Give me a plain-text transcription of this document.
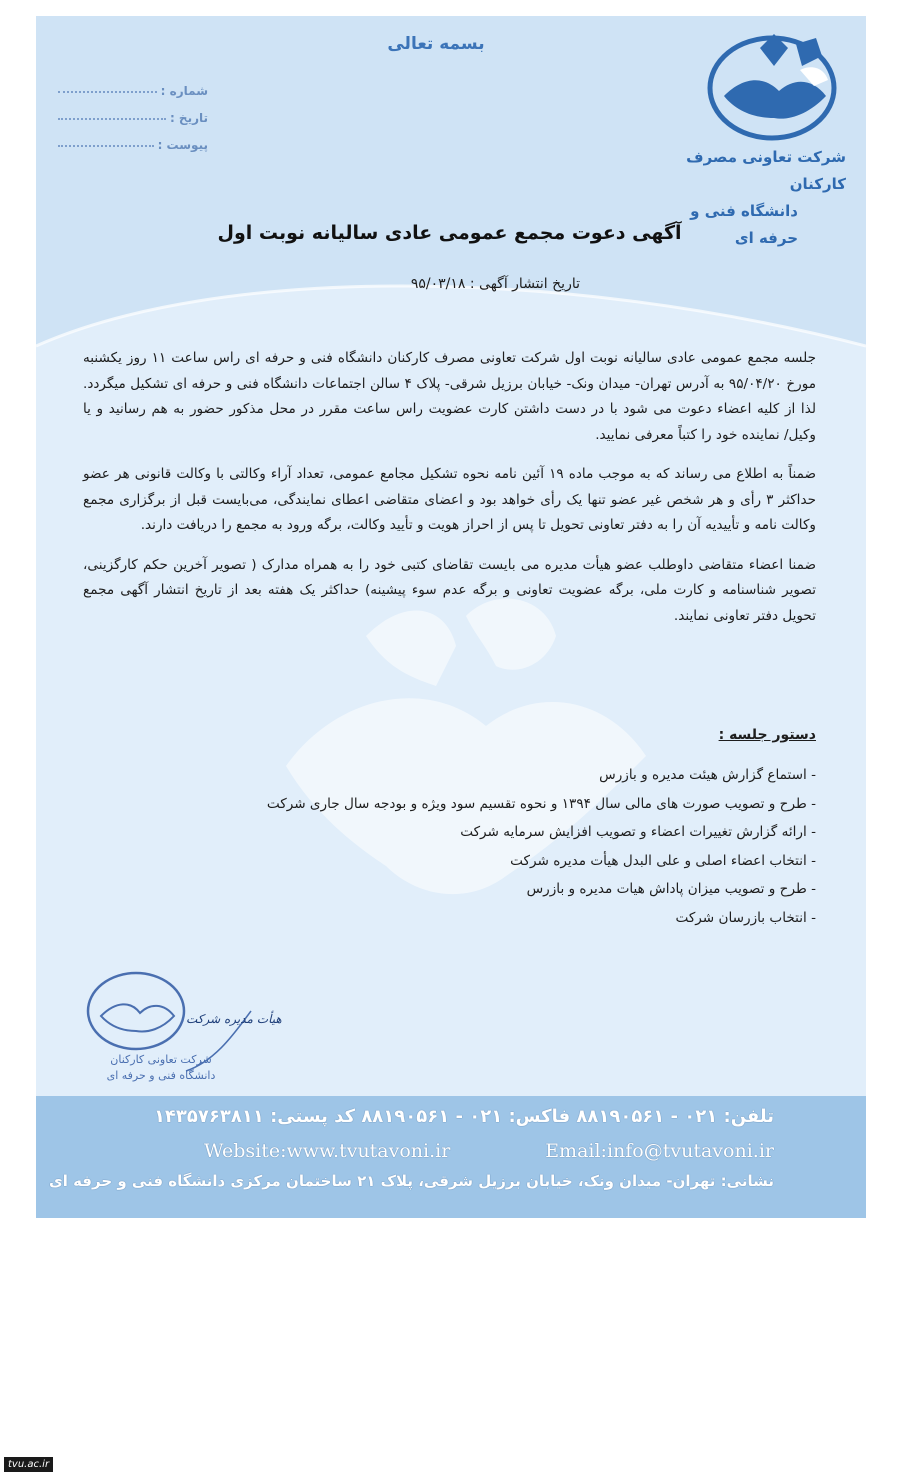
بسمه تعالی
شماره :
تاریخ :
پیوست :
شرکت تعاونی مصرف کارکنان
دانشگاه فنی و
حرفه ای
آگهی دعوت مجمع عمومی عادی سالیانه نوبت اول
تاریخ انتشار آگهی : ۹۵/۰۳/۱۸

جلسه مجمع عمومی عادی سالیانه نوبت اول شرکت تعاونی مصرف کارکنان دانشگاه فنی و حرفه ای راس ساعت ۱۱ روز یکشنبه مورخ ۹۵/۰۴/۲۰ به آدرس تهران- میدان ونک- خیابان برزیل شرقی- پلاک ۴ سالن اجتماعات دانشگاه فنی و حرفه ای تشکیل میگردد. لذا از کلیه اعضاء دعوت می شود با در دست داشتن کارت عضویت راس ساعت مقرر در محل مذکور حضور به هم رسانید و یا وکیل/ نماینده خود را کتباً معرفی نمایید.

ضمناً به اطلاع می رساند که به موجب ماده ۱۹ آئین نامه نحوه تشکیل مجامع عمومی، تعداد آراء وکالتی با وکالت قانونی هر عضو حداکثر ۳ رأی و هر شخص غیر عضو تنها یک رأی خواهد بود و اعضای متقاضی اعطای نمایندگی، می‌بایست قبل از برگزاری مجمع وکالت نامه و تأییدیه آن را به دفتر تعاونی تحویل تا پس از احراز هویت و تأیید وکالت، برگه ورود به مجمع را دریافت دارند.

ضمنا اعضاء متقاضی داوطلب عضو هیأت مدیره می بایست تقاضای کتبی خود را به همراه مدارک ( تصویر آخرین حکم کارگزینی، تصویر شناسنامه و کارت ملی، برگه عضویت تعاونی و برگه عدم سوء پیشینه) حداکثر یک هفته بعد از تاریخ انتشار آگهی مجمع تحویل دفتر تعاونی نمایند.

دستور جلسه :
- استماع گزارش هیئت مدیره و بازرس
- طرح و تصویب صورت های مالی سال ۱۳۹۴ و نحوه تقسیم سود ویژه و بودجه سال جاری شرکت
- ارائه گزارش تغییرات اعضاء و تصویب افزایش سرمایه شرکت
- انتخاب اعضاء اصلی و علی البدل هیأت مدیره شرکت
- طرح و تصویب میزان پاداش هیات مدیره و بازرس
- انتخاب بازرسان شرکت
شرکت تعاونی کارکنان
دانشگاه فنی و حرفه ای
هیأت مدیره شرکت
تلفن: ۰۲۱ - ۸۸۱۹۰۵۶۱ فاکس: ۰۲۱ - ۸۸۱۹۰۵۶۱ کد پستی: ۱۴۳۵۷۶۳۸۱۱
Website:www.tvutavoni.ir	Email:info@tvutavoni.ir
نشانی: تهران- میدان ونک، خیابان برزیل شرقی، پلاک ۲۱ ساختمان مرکزی دانشگاه فنی و حرفه ای
tvu.ac.ir
